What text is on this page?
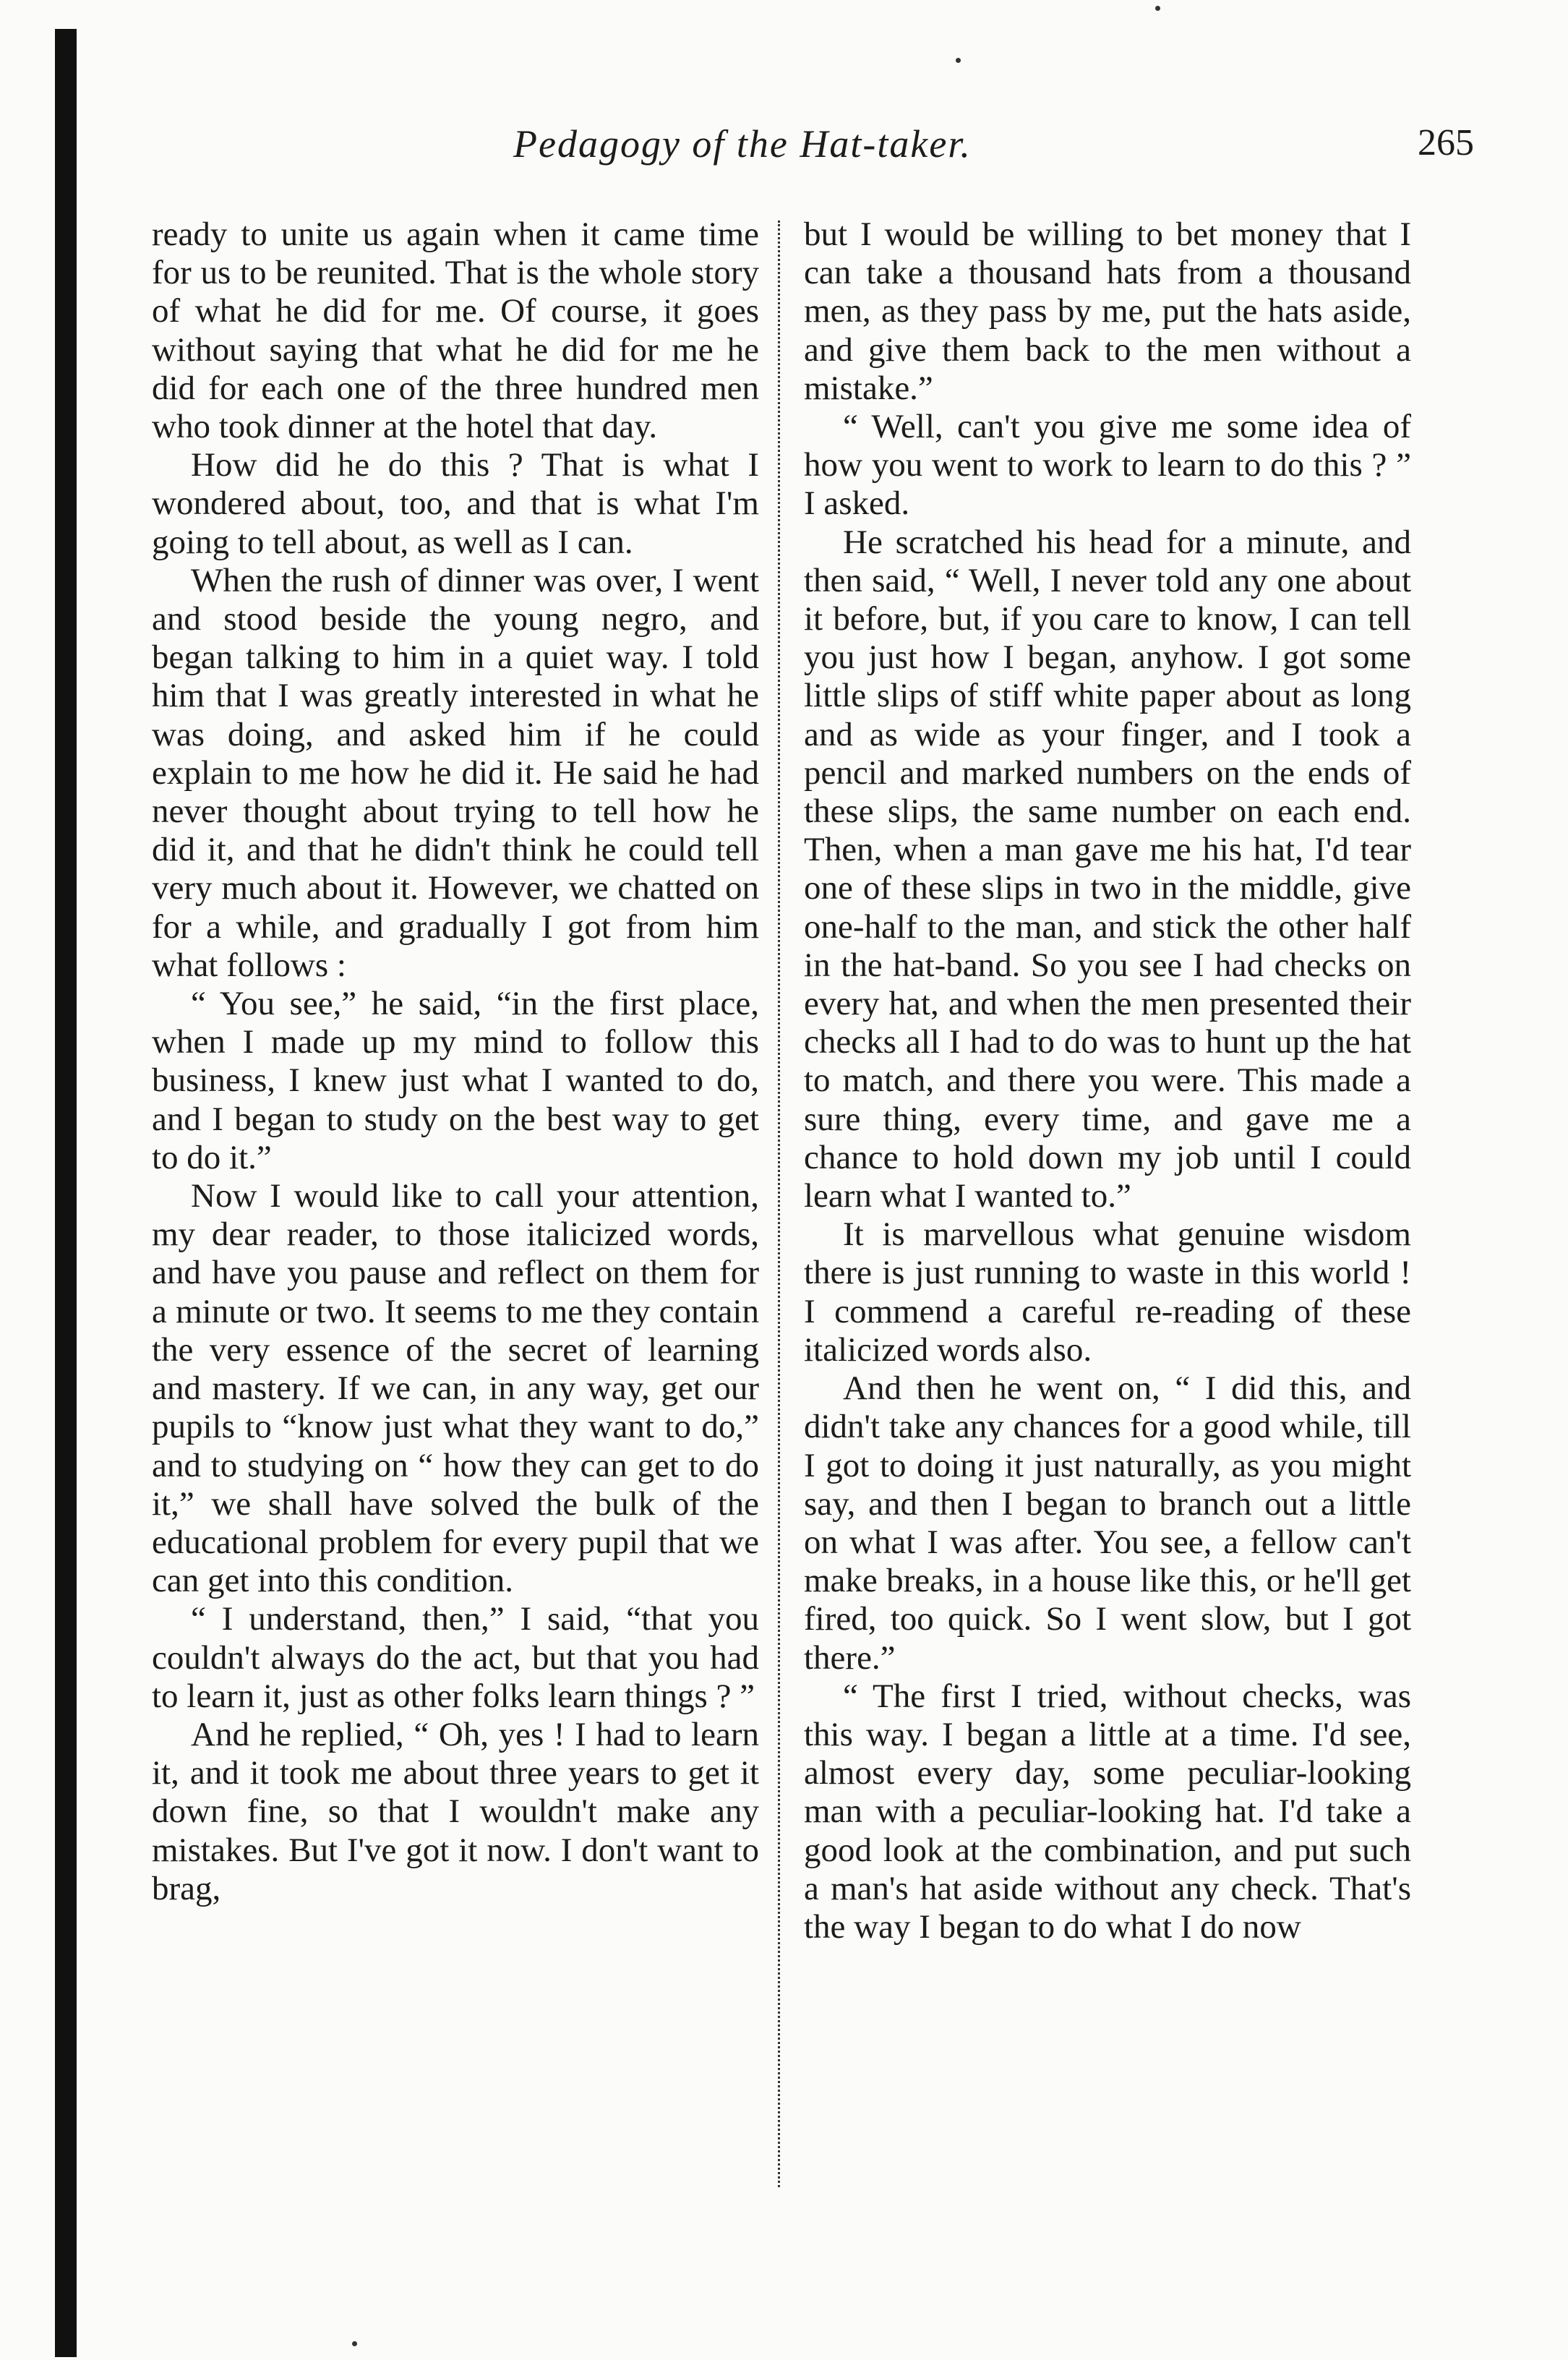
Pedagogy of the Hat-taker.	265

ready to unite us again when it came time for us to be reunited. That is the whole story of what he did for me. Of course, it goes without saying that what he did for me he did for each one of the three hundred men who took dinner at the hotel that day.

How did he do this ? That is what I wondered about, too, and that is what I'm going to tell about, as well as I can.

When the rush of dinner was over, I went and stood beside the young negro, and began talking to him in a quiet way. I told him that I was greatly interested in what he was doing, and asked him if he could explain to me how he did it. He said he had never thought about trying to tell how he did it, and that he didn't think he could tell very much about it. However, we chatted on for a while, and gradually I got from him what follows :

“ You see,” he said, “in the first place, when I made up my mind to follow this business, I knew just what I wanted to do, and I began to study on the best way to get to do it.”

Now I would like to call your attention, my dear reader, to those italicized words, and have you pause and reflect on them for a minute or two. It seems to me they contain the very essence of the secret of learning and mastery. If we can, in any way, get our pupils to “know just what they want to do,” and to studying on “ how they can get to do it,” we shall have solved the bulk of the educational problem for every pupil that we can get into this condition.

“ I understand, then,” I said, “that you couldn't always do the act, but that you had to learn it, just as other folks learn things ? ”

And he replied, “ Oh, yes ! I had to learn it, and it took me about three years to get it down fine, so that I wouldn't make any mistakes. But I've got it now. I don't want to brag,

but I would be willing to bet money that I can take a thousand hats from a thousand men, as they pass by me, put the hats aside, and give them back to the men without a mistake.”

“ Well, can't you give me some idea of how you went to work to learn to do this ? ” I asked.

He scratched his head for a minute, and then said, “ Well, I never told any one about it before, but, if you care to know, I can tell you just how I began, anyhow. I got some little slips of stiff white paper about as long and as wide as your finger, and I took a pencil and marked numbers on the ends of these slips, the same number on each end. Then, when a man gave me his hat, I'd tear one of these slips in two in the middle, give one-half to the man, and stick the other half in the hat-band. So you see I had checks on every hat, and when the men presented their checks all I had to do was to hunt up the hat to match, and there you were. This made a sure thing, every time, and gave me a chance to hold down my job until I could learn what I wanted to.”

It is marvellous what genuine wisdom there is just running to waste in this world ! I commend a careful re-reading of these italicized words also.

And then he went on, “ I did this, and didn't take any chances for a good while, till I got to doing it just naturally, as you might say, and then I began to branch out a little on what I was after. You see, a fellow can't make breaks, in a house like this, or he'll get fired, too quick. So I went slow, but I got there.”

“ The first I tried, without checks, was this way. I began a little at a time. I'd see, almost every day, some peculiar-looking man with a peculiar-looking hat. I'd take a good look at the combination, and put such a man's hat aside without any check. That's the way I began to do what I do now
